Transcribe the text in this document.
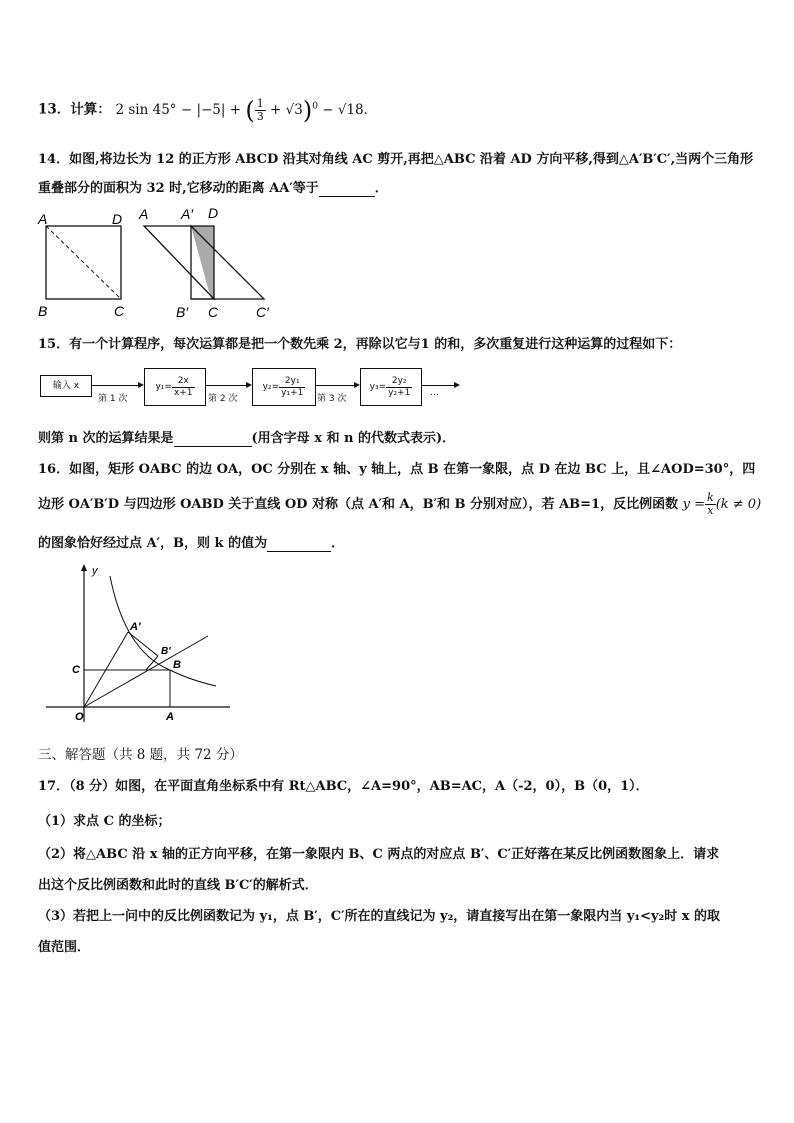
13．计算： 2 sin 45° − |−5| + ( $\frac{1}{3} + √3)^0 - √18$．
14．如图,将边长为 12 的正方形 ABCD 沿其对角线 AC 剪开,再把△ABC 沿着 AD 方向平移,得到△A′B′C′,当两个三角形
重叠部分的面积为 32 时,它移动的距离 AA′等于	．
A	D
B	C
A A′ D
B′ C	C′
15．有一个计算程序，每次运算都是把一个数先乘 2，再除以它与1 的和，多次重复进行这种运算的过程如下：
输入 x
第 1 次
$y_1= \frac{2x}{x+1}$
第 2 次
$y_2= \frac{\text{2y₁}}{\text{y₁+1}}$
第 3 次
$y_3= \frac{\text{2y₂}}{\text{y₂+1}}$ …
则第 n 次的运算结果是	(用含字母 x 和 n 的代数式表示)．
16．如图，矩形 OABC 的边 OA，OC 分别在 x 轴、y 轴上，点 B 在第一象限，点 D 在边 BC 上，且∠AOD=30°，四
边形 OA′B′D 与四边形 OABD 关于直线 OD 对称（点 A′和 A，B′和 B 分别对应），若 AB=1，反比例函数 $y = \frac{k}{x} (k \ne 0)$
的图象恰好经过点 A′，B，则 k 的值为	．
y
A′
B′
B
C
O	A
三、解答题（共 8 题，共 72 分）
17．（8 分）如图，在平面直角坐标系中有 Rt△ABC，∠A=90°，AB=AC，A（-2，0），B（0，1）．
（1）求点 C 的坐标；
（2）将△ABC 沿 x 轴的正方向平移，在第一象限内 B、C 两点的对应点 B′、C′正好落在某反比例函数图象上．请求
出这个反比例函数和此时的直线 B′C′的解析式．
（3）若把上一问中的反比例函数记为 y₁，点 B′，C′所在的直线记为 y₂，请直接写出在第一象限内当 y₁<y₂时 x 的取
值范围．
